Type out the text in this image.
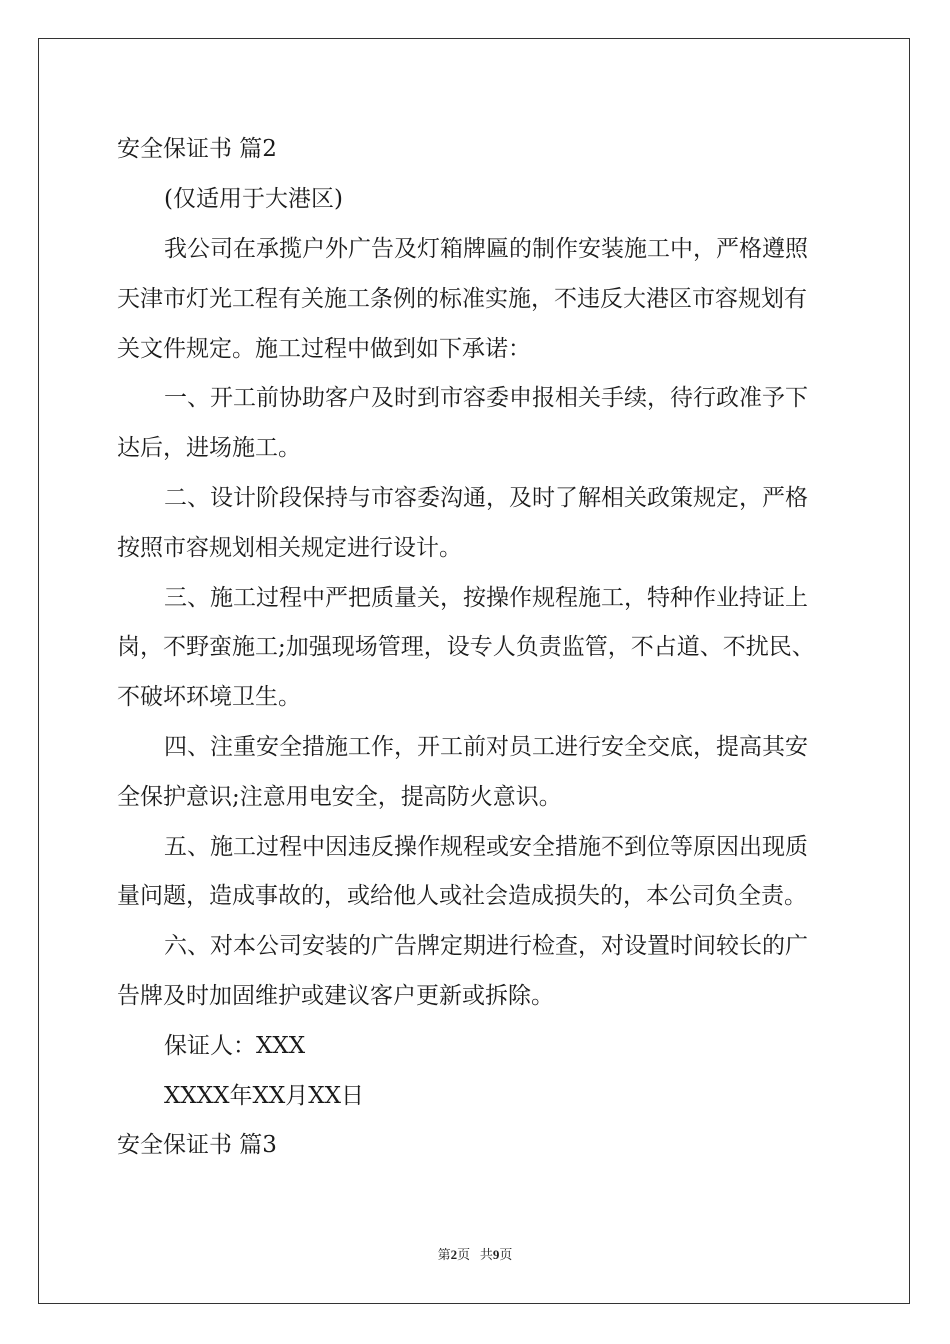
安全保证书 篇2
(仅适用于大港区)
我公司在承揽户外广告及灯箱牌匾的制作安装施工中，严格遵照
天津市灯光工程有关施工条例的标准实施，不违反大港区市容规划有
关文件规定。施工过程中做到如下承诺：
一、开工前协助客户及时到市容委申报相关手续，待行政准予下
达后，进场施工。
二、设计阶段保持与市容委沟通，及时了解相关政策规定，严格
按照市容规划相关规定进行设计。
三、施工过程中严把质量关，按操作规程施工，特种作业持证上
岗，不野蛮施工;加强现场管理，设专人负责监管，不占道、不扰民、
不破坏环境卫生。
四、注重安全措施工作，开工前对员工进行安全交底，提高其安
全保护意识;注意用电安全，提高防火意识。
五、施工过程中因违反操作规程或安全措施不到位等原因出现质
量问题，造成事故的，或给他人或社会造成损失的，本公司负全责。
六、对本公司安装的广告牌定期进行检查，对设置时间较长的广
告牌及时加固维护或建议客户更新或拆除。
保证人：XXX
XXXX年XX月XX日
安全保证书 篇3
第2页 共9页
